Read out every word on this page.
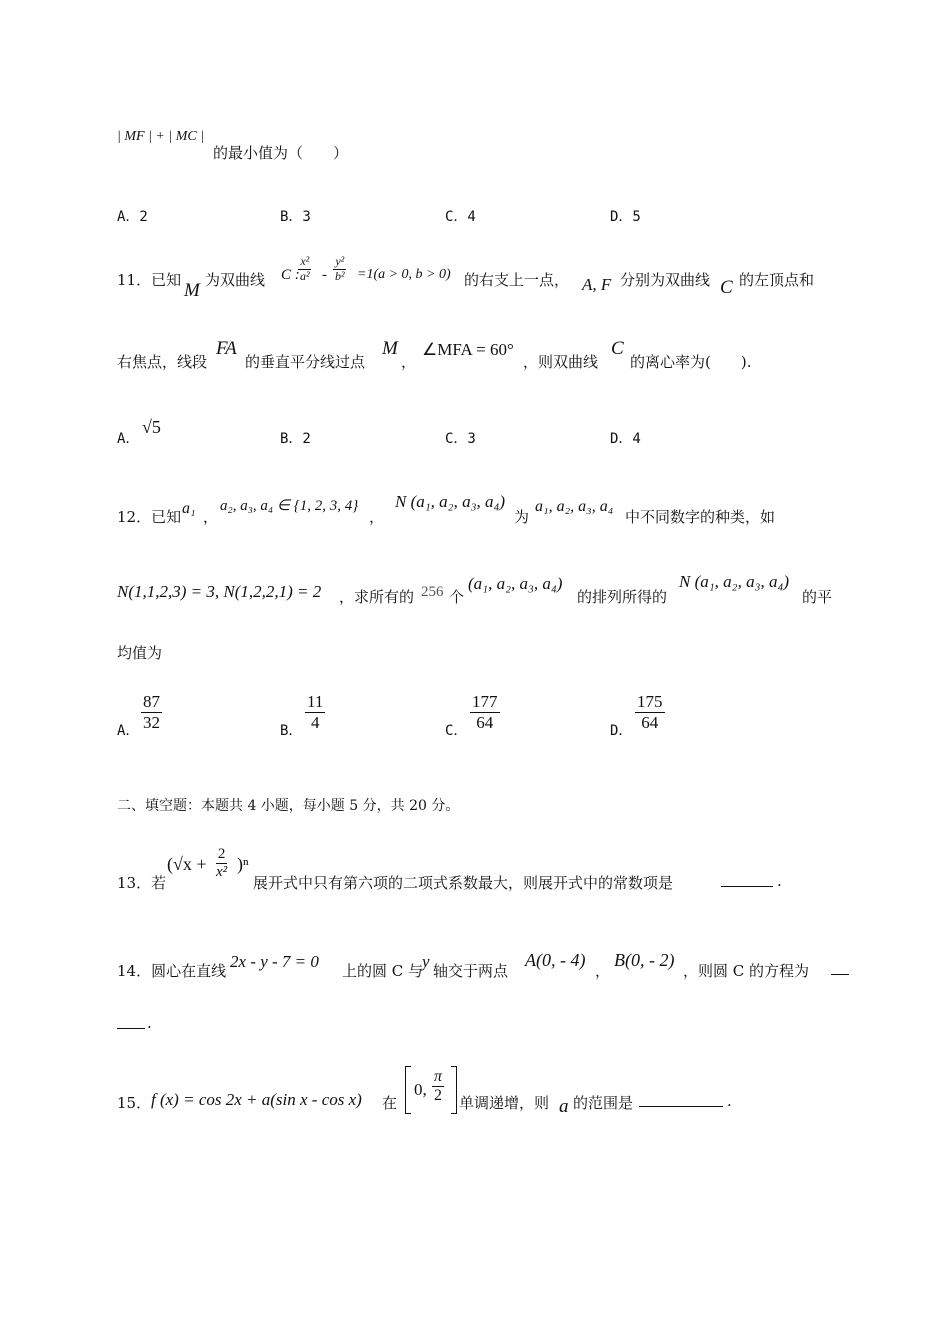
| MF | + | MC |
的最小值为（　　）
A．2	B．3	C．4	D．5
11．已知 M 为双曲线 C :
$\frac{\text{x²}}{\text{a²}} - \frac{\text{y²}}{\text{b²}} =1(a > 0$, b > 0) 的右支上一点， A, F 分别为双曲线 C 的左顶点和
右焦点，线段
FA
的垂直平分线过点
M
，
∠MFA = 60°
，则双曲线
C
的离心率为(　　).
A．
√5
B．2	C．3	D．4
12．已知 a₁ ，
a₂, a₃, a₄ ∈ {1, 2, 3, 4}
，
N (a₁, a₂, a₃, a₄)
为
a₁, a₂, a₃, a₄
中不同数字的种类，如
N(1,1,2,3) = 3, N(1,2,2,1) = 2 ，求所有的 256 个
(a₁, a₂, a₃, a₄)
的排列所得的
N (a₁, a₂, a₃, a₄)
的平
均值为
A． $\frac{87}{32}$	B． $\frac{11}{4}$	C． $\frac{177}{64}$	D． $\frac{175}{64}$
二、填空题：本题共 4 小题，每小题 5 分，共 20 分。
13．若
$(√x + \frac{2}{\text{x²}} )^n$
展开式中只有第六项的二项式系数最大，则展开式中的常数项是	.
14．圆心在直线 2x - y - 7 = 0 上的圆 C 与
y 轴交于两点
A(0, - 4)
，
B(0, - 2)
，则圆 C 的方程为
.
15． f (x) = cos 2x + a(sin x - cos x) 在
0, $\frac{\pi}{2}$ 单调递增，则 a 的范围是	.
